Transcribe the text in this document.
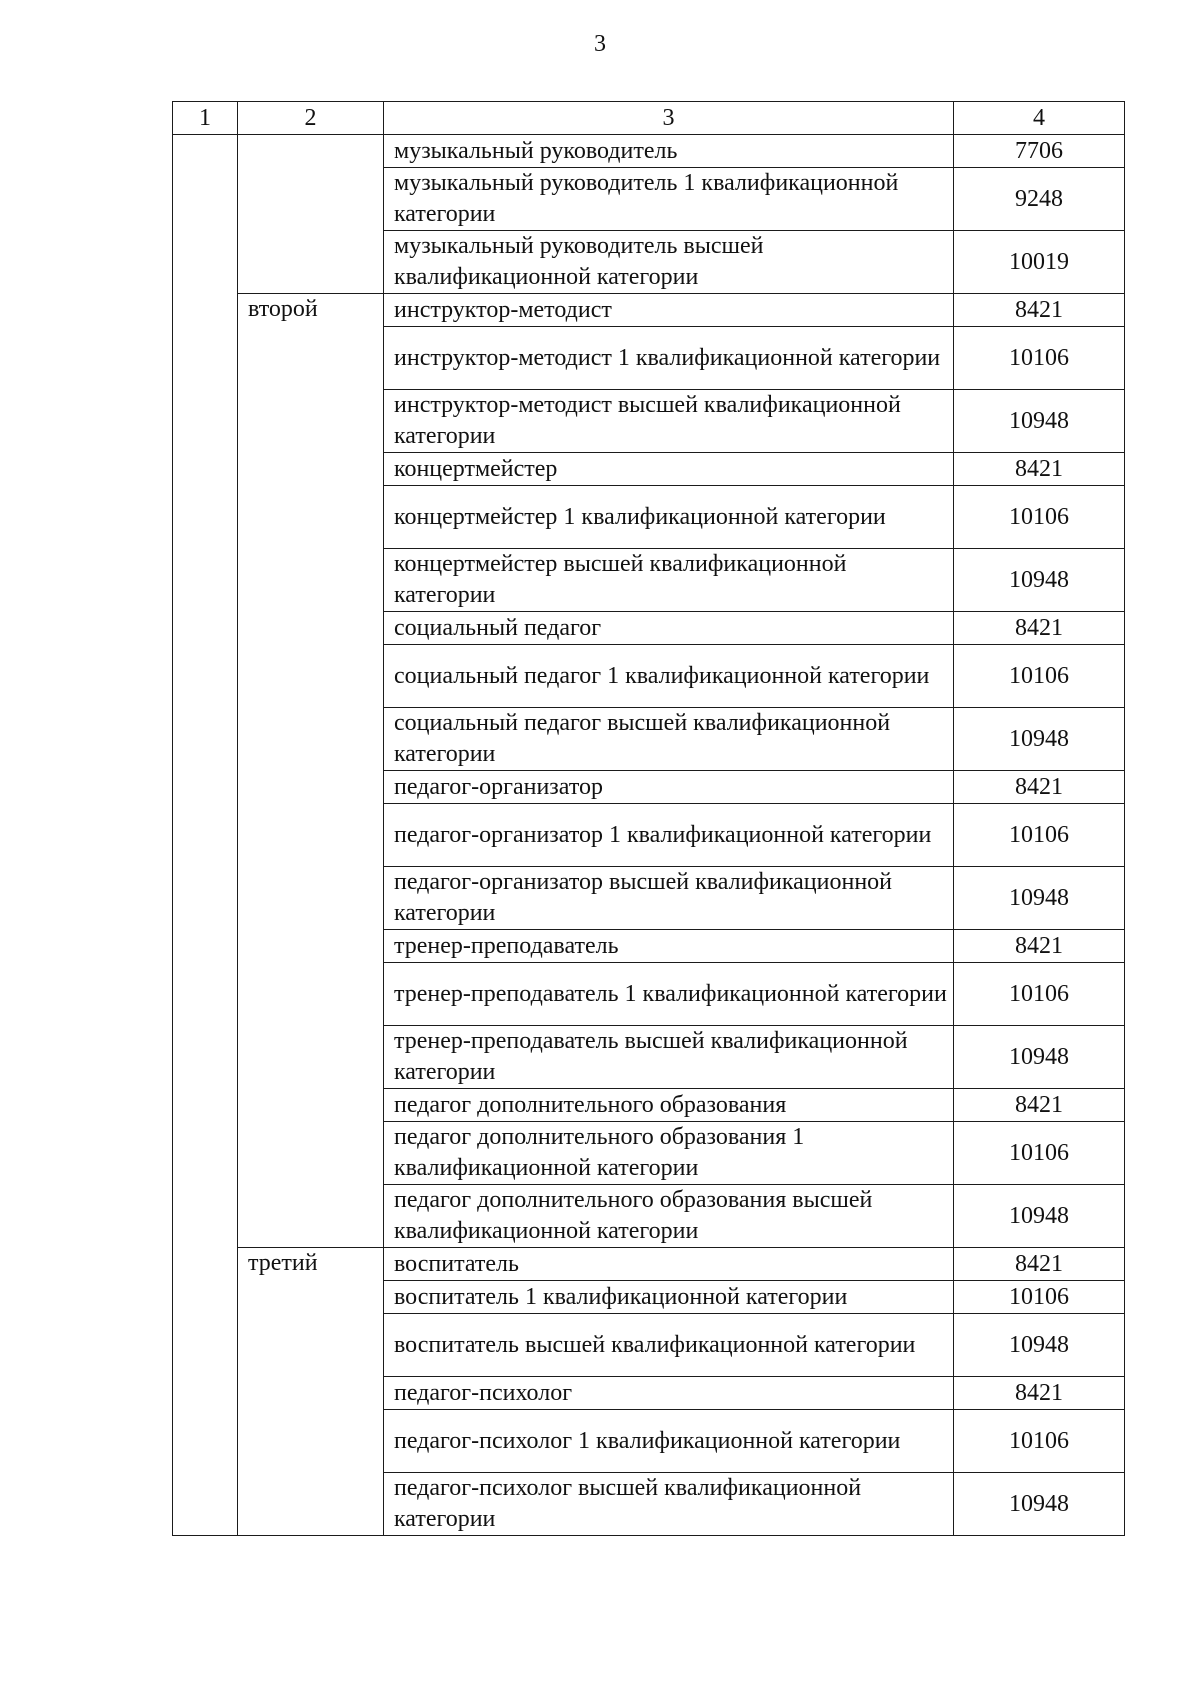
3
1	2	3	4
		музыкальный руководитель	7706
		музыкальный руководитель 1 квалификационной категории	9248
		музыкальный руководитель высшей квалификационной категории	10019
	второй	инструктор-методист	8421
		инструктор-методист 1 квалификационной категории	10106
		инструктор-методист высшей квалификационной категории	10948
		концертмейстер	8421
		концертмейстер 1 квалификационной категории	10106
		концертмейстер высшей квалификационной категории	10948
		социальный педагог	8421
		социальный педагог 1 квалификационной категории	10106
		социальный педагог высшей квалификационной категории	10948
		педагог-организатор	8421
		педагог-организатор 1 квалификационной категории	10106
		педагог-организатор высшей квалификационной категории	10948
		тренер-преподаватель	8421
		тренер-преподаватель 1 квалификационной категории	10106
		тренер-преподаватель высшей квалификационной категории	10948
		педагог дополнительного образования	8421
		педагог дополнительного образования 1 квалификационной категории	10106
		педагог дополнительного образования высшей квалификационной категории	10948
	третий	воспитатель	8421
		воспитатель 1 квалификационной категории	10106
		воспитатель высшей квалификационной категории	10948
		педагог-психолог	8421
		педагог-психолог 1 квалификационной категории	10106
		педагог-психолог высшей квалификационной категории	10948
